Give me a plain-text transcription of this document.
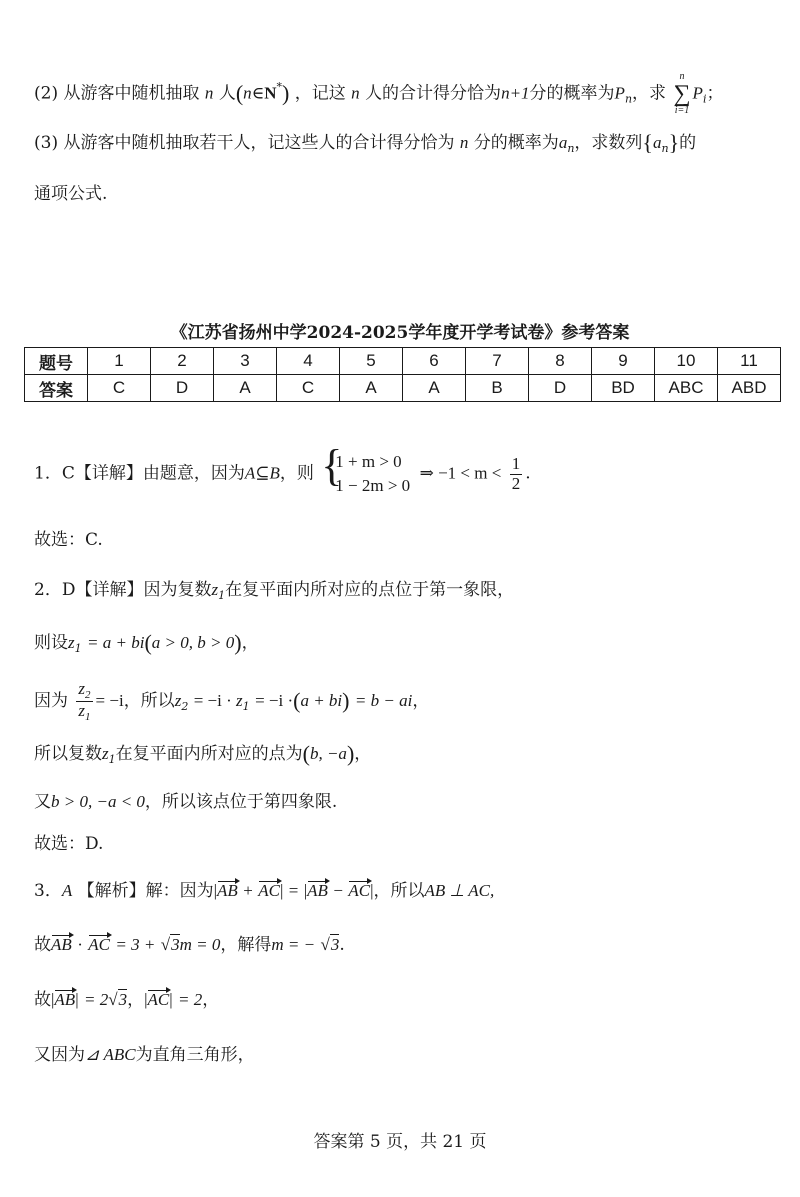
(2) 从游客中随机抽取 n 人(n∈N*) ，记这 n 人的合计得分恰为n+1分的概率为$P_n$，求
n
∑
i=1
$P_i$；
(3) 从游客中随机抽取若干人，记这些人的合计得分恰为 n 分的概率为$a_n$，求数列$\{a_n\}$的
通项公式.
《江苏省扬州中学2024-2025学年度开学考试卷》参考答案
题号	1	2	3	4	5	6	7	8	9	10	11
答案	C	D	A	C	A	A	B	D	BD	ABC	ABD
1．C【详解】由题意，因为A⊆B，则 {
1 + m > 0
1 − 2m > 0
⇒ $-1 < m < \frac{1}{2}$ .
故选：C.
2．D【详解】因为复数$z_1$在复平面内所对应的点位于第一象限，
则设$z_1 = a + bi(a > 0$, b > 0)，
因为 $\frac{z_2}{z_1} = -i$，所以$z_2 = -i \cdot z_1 = -i \cdot(a + bi) = b$ − ai，
所以复数$z_1$在复平面内所对应的点为(b, −a)，
又b > 0, −a < 0，所以该点位于第四象限.
故选：D.
3．A 【解析】解：因为|AB + AC| = |AB − AC|，所以AB ⊥ AC,
故AB · AC = 3 + √3m = 0，解得m = − √3.
故|AB| = 2√3，|AC| = 2，
又因为⊿ ABC为直角三角形，
答案第 5 页，共 21 页
